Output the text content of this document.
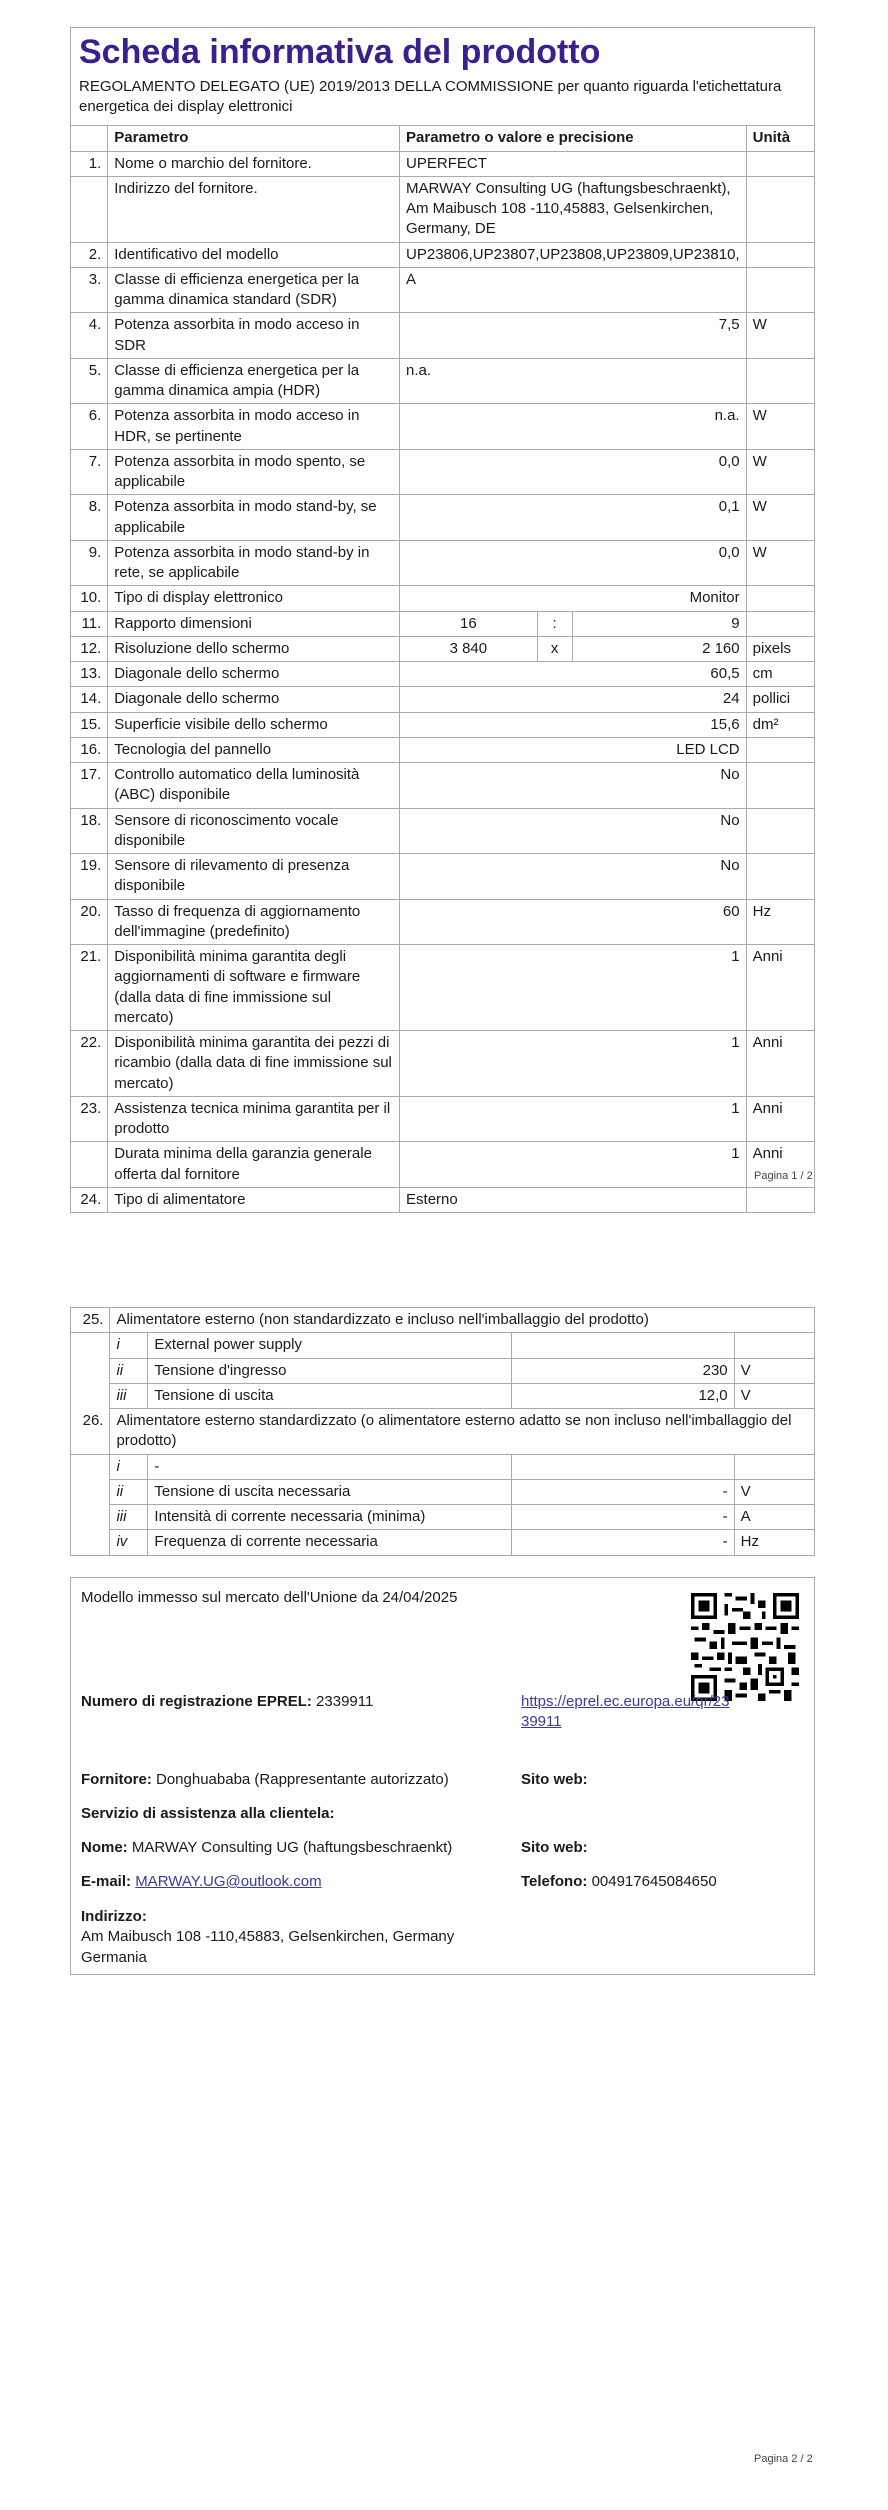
Scheda informativa del prodotto
REGOLAMENTO DELEGATO (UE) 2019/2013 DELLA COMMISSIONE per quanto riguarda l'etichettatura energetica dei display elettronici
	Parametro	Parametro o valore e precisione			Unità
1.	Nome o marchio del fornitore.	UPERFECT			
	Indirizzo del fornitore.	MARWAY Consulting UG (haftungsbeschraenkt), Am Maibusch 108 -110,45883, Gelsenkirchen, Germany, DE			
2.	Identificativo del modello	UP23806,UP23807,UP23808,UP23809,UP23810,			
3.	Classe di efficienza energetica per la gamma dinamica standard (SDR)	A			
4.	Potenza assorbita in modo acceso in SDR	7,5			W
5.	Classe di efficienza energetica per la gamma dinamica ampia (HDR)	n.a.			
6.	Potenza assorbita in modo acceso in HDR, se pertinente	n.a.			W
7.	Potenza assorbita in modo spento, se applicabile	0,0			W
8.	Potenza assorbita in modo stand-by, se applicabile	0,1			W
9.	Potenza assorbita in modo stand-by in rete, se applicabile	0,0			W
10.	Tipo di display elettronico	Monitor			
11.	Rapporto dimensioni	16	:	9	
12.	Risoluzione dello schermo	3 840	x	2 160	pixels
13.	Diagonale dello schermo	60,5			cm
14.	Diagonale dello schermo	24			pollici
15.	Superficie visibile dello schermo	15,6			dm²
16.	Tecnologia del pannello	LED LCD			
17.	Controllo automatico della luminosità (ABC) disponibile	No			
18.	Sensore di riconoscimento vocale disponibile	No			
19.	Sensore di rilevamento di presenza disponibile	No			
20.	Tasso di frequenza di aggiornamento dell'immagine (predefinito)	60			Hz
21.	Disponibilità minima garantita degli aggiornamenti di software e firmware (dalla data di fine immissione sul mercato)	1			Anni
22.	Disponibilità minima garantita dei pezzi di ricambio (dalla data di fine immissione sul mercato)	1			Anni
23.	Assistenza tecnica minima garantita per il prodotto	1			Anni
	Durata minima della garanzia generale offerta dal fornitore	1			Anni
24.	Tipo di alimentatore	Esterno			
Pagina 1 / 2
25.	Alimentatore esterno (non standardizzato e incluso nell'imballaggio del prodotto)			
	i	External power supply		
	ii	Tensione d'ingresso	230	V
	iii	Tensione di uscita	12,0	V
26.	Alimentatore esterno standardizzato (o alimentatore esterno adatto se non incluso nell'imballaggio del prodotto)			
	i	-		
	ii	Tensione di uscita necessaria	-	V
	iii	Intensità di corrente necessaria (minima)	-	A
	iv	Frequenza di corrente necessaria	-	Hz
Modello immesso sul mercato dell'Unione da 24/04/2025
Numero di registrazione EPREL: 2339911	https://eprel.ec.europa.eu/qr/23
39911
Fornitore: Donghuababa (Rappresentante autorizzato)	Sito web:
Servizio di assistenza alla clientela:
Nome: MARWAY Consulting UG (haftungsbeschraenkt)	Sito web:
E-mail: MARWAY.UG@outlook.com	Telefono: 004917645084650
Indirizzo:
Am Maibusch 108 -110,45883, Gelsenkirchen, Germany
Germania
Pagina 2 / 2
